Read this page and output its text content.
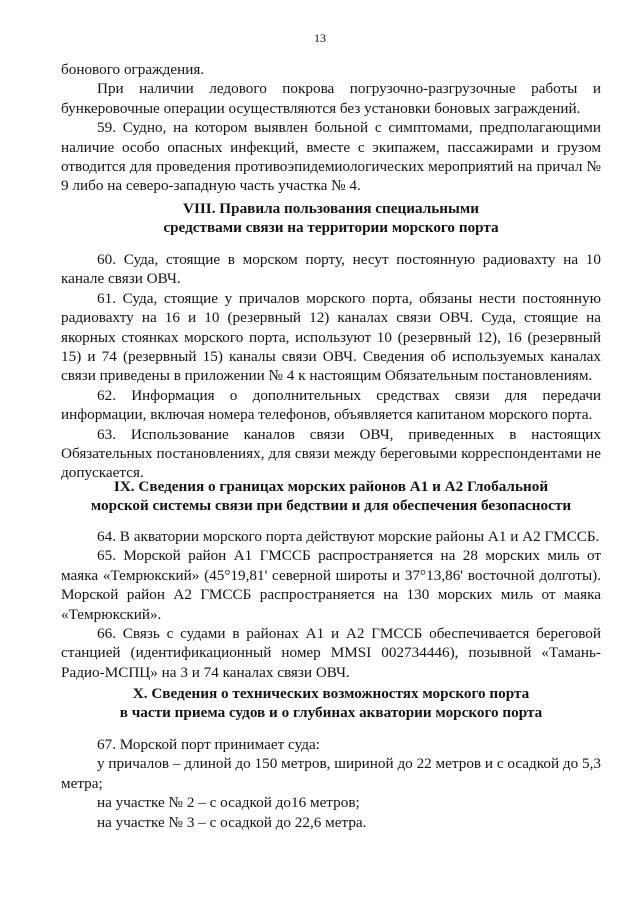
13

бонового ограждения.

При наличии ледового покрова погрузочно-разгрузочные работы и бункеровочные операции осуществляются без установки боновых заграждений.

59. Судно, на котором выявлен больной с симптомами, предполагающими наличие особо опасных инфекций, вместе с экипажем, пассажирами и грузом отводится для проведения противоэпидемиологических мероприятий на причал № 9 либо на северо-западную часть участка № 4.

VIII. Правила пользования специальными

средствами связи на территории морского порта

60. Суда, стоящие в морском порту, несут постоянную радиовахту на 10 канале связи ОВЧ.

61. Суда, стоящие у причалов морского порта, обязаны нести постоянную радиовахту на 16 и 10 (резервный 12) каналах связи ОВЧ. Суда, стоящие на якорных стоянках морского порта, используют 10 (резервный 12), 16 (резервный 15) и 74 (резервный 15) каналы связи ОВЧ. Сведения об используемых каналах связи приведены в приложении № 4 к настоящим Обязательным постановлениям.

62. Информация о дополнительных средствах связи для передачи информации, включая номера телефонов, объявляется капитаном морского порта.

63. Использование каналов связи ОВЧ, приведенных в настоящих Обязательных постановлениях, для связи между береговыми корреспондентами не допускается.

IX. Сведения о границах морских районов А1 и А2 Глобальной

морской системы связи при бедствии и для обеспечения безопасности

64. В акватории морского порта действуют морские районы А1 и А2 ГМССБ.

65. Морской район А1 ГМССБ распространяется на 28 морских миль от маяка «Темрюкский» (45°19,81' северной широты и 37°13,86' восточной долготы). Морской район А2 ГМССБ распространяется на 130 морских миль от маяка «Темрюкский».

66. Связь с судами в районах А1 и А2 ГМССБ обеспечивается береговой станцией (идентификационный номер MMSI 002734446), позывной «Тамань-Радио-МСПЦ» на 3 и 74 каналах связи ОВЧ.

X. Сведения о технических возможностях морского порта

в части приема судов и о глубинах акватории морского порта

67. Морской порт принимает суда:

у причалов – длиной до 150 метров, шириной до 22 метров и с осадкой до 5,3 метра;

на участке № 2 – с осадкой до16 метров;

на участке № 3 – с осадкой до 22,6 метра.
